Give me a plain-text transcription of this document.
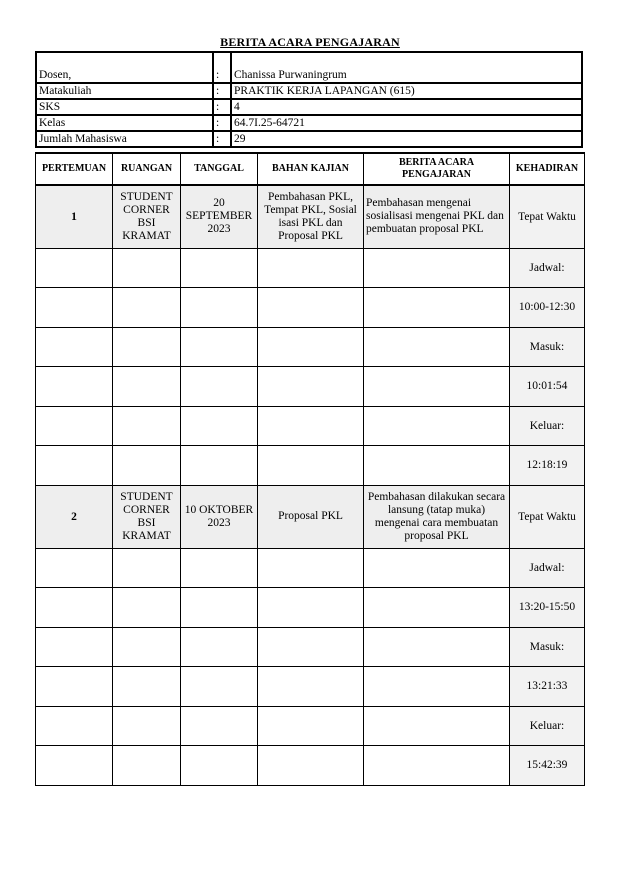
BERITA ACARA PENGAJARAN
Dosen,	:	Chanissa Purwaningrum
Matakuliah	:	PRAKTIK KERJA LAPANGAN (615)
SKS	:	4
Kelas	:	64.7I.25-64721
Jumlah Mahasiswa	:	29
PERTEMUAN	RUANGAN	TANGGAL	BAHAN KAJIAN	BERITA ACARA PENGAJARAN	KEHADIRAN
1	STUDENT CORNER BSI KRAMAT	20 SEPTEMBER 2023	Pembahasan PKL, Tempat PKL, Sosial isasi PKL dan Proposal PKL	Pembahasan mengenai sosialisasi mengenai PKL dan pembuatan proposal PKL	Tepat Waktu
					Jadwal:
					10:00-12:30
					Masuk:
					10:01:54
					Keluar:
					12:18:19
2	STUDENT CORNER BSI KRAMAT	10 OKTOBER 2023	Proposal PKL	Pembahasan dilakukan secara lansung (tatap muka) mengenai cara membuatan proposal PKL	Tepat Waktu
					Jadwal:
					13:20-15:50
					Masuk:
					13:21:33
					Keluar:
					15:42:39
